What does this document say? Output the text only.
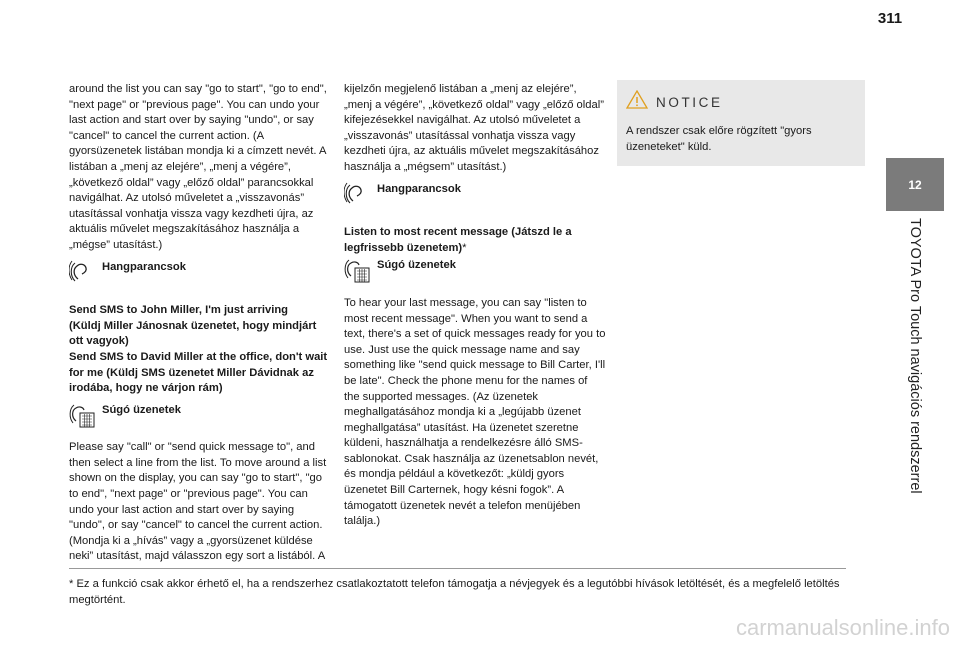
311
12
TOYOTA Pro Touch navigációs rendszerrel

around the list you can say "go to start", "go to end", "next page" or "previous page". You can undo your last action and start over by saying "undo", or say "cancel" to cancel the current action. (A gyorsüzenetek listában mondja ki a címzett nevét. A listában a „menj az elejére”, „menj a végére”, „következő oldal” vagy „előző oldal” parancsokkal navigálhat. Az utolsó műveletet a „visszavonás” utasítással vonhatja vissza vagy kezdheti újra, az aktuális művelet megszakításához használja a „mégse” utasítást.)

Hangparancsok

Send SMS to John Miller, I'm just arriving

(Küldj Miller Jánosnak üzenetet, hogy mindjárt ott vagyok)

Send SMS to David Miller at the office, don't wait for me (Küldj SMS üzenetet Miller Dávidnak az irodába, hogy ne várjon rám)

Súgó üzenetek

Please say "call" or "send quick message to", and then select a line from the list. To move around a list shown on the display, you can say "go to start", "go to end", "next page" or "previous page". You can undo your last action and start over by saying "undo", or say "cancel" to cancel the current action. (Mondja ki a „hívás” vagy a „gyorsüzenet küldése neki” utasítást, majd válasszon egy sort a listából. A

kijelzőn megjelenő listában a „menj az elejére”, „menj a végére”, „következő oldal” vagy „előző oldal” kifejezésekkel navigálhat. Az utolsó műveletet a „visszavonás” utasítással vonhatja vissza vagy kezdheti újra, az aktuális művelet megszakításához használja a „mégsem” utasítást.)

Hangparancsok

Listen to most recent message (Játszd le a legfrissebb üzenetem)*

Súgó üzenetek

To hear your last message, you can say "listen to most recent message". When you want to send a text, there's a set of quick messages ready for you to use. Just use the quick message name and say something like "send quick message to Bill Carter, I'll be late". Check the phone menu for the names of the supported messages. (Az üzenetek meghallgatásához mondja ki a „legújabb üzenet meghallgatása” utasítást. Ha üzenetet szeretne küldeni, használhatja a rendelkezésre álló SMS-sablonokat. Csak használja az üzenetsablon nevét, és mondja például a következőt: „küldj gyors üzenetet Bill Carternek, hogy késni fogok”. A támogatott üzenetek nevét a telefon menüjében találja.)

NOTICE

A rendszer csak előre rögzített "gyors üzeneteket" küld.

* Ez a funkció csak akkor érhető el, ha a rendszerhez csatlakoztatott telefon támogatja a névjegyek és a legutóbbi hívások letöltését, és a megfelelő letöltés megtörtént.
carmanualsonline.info
